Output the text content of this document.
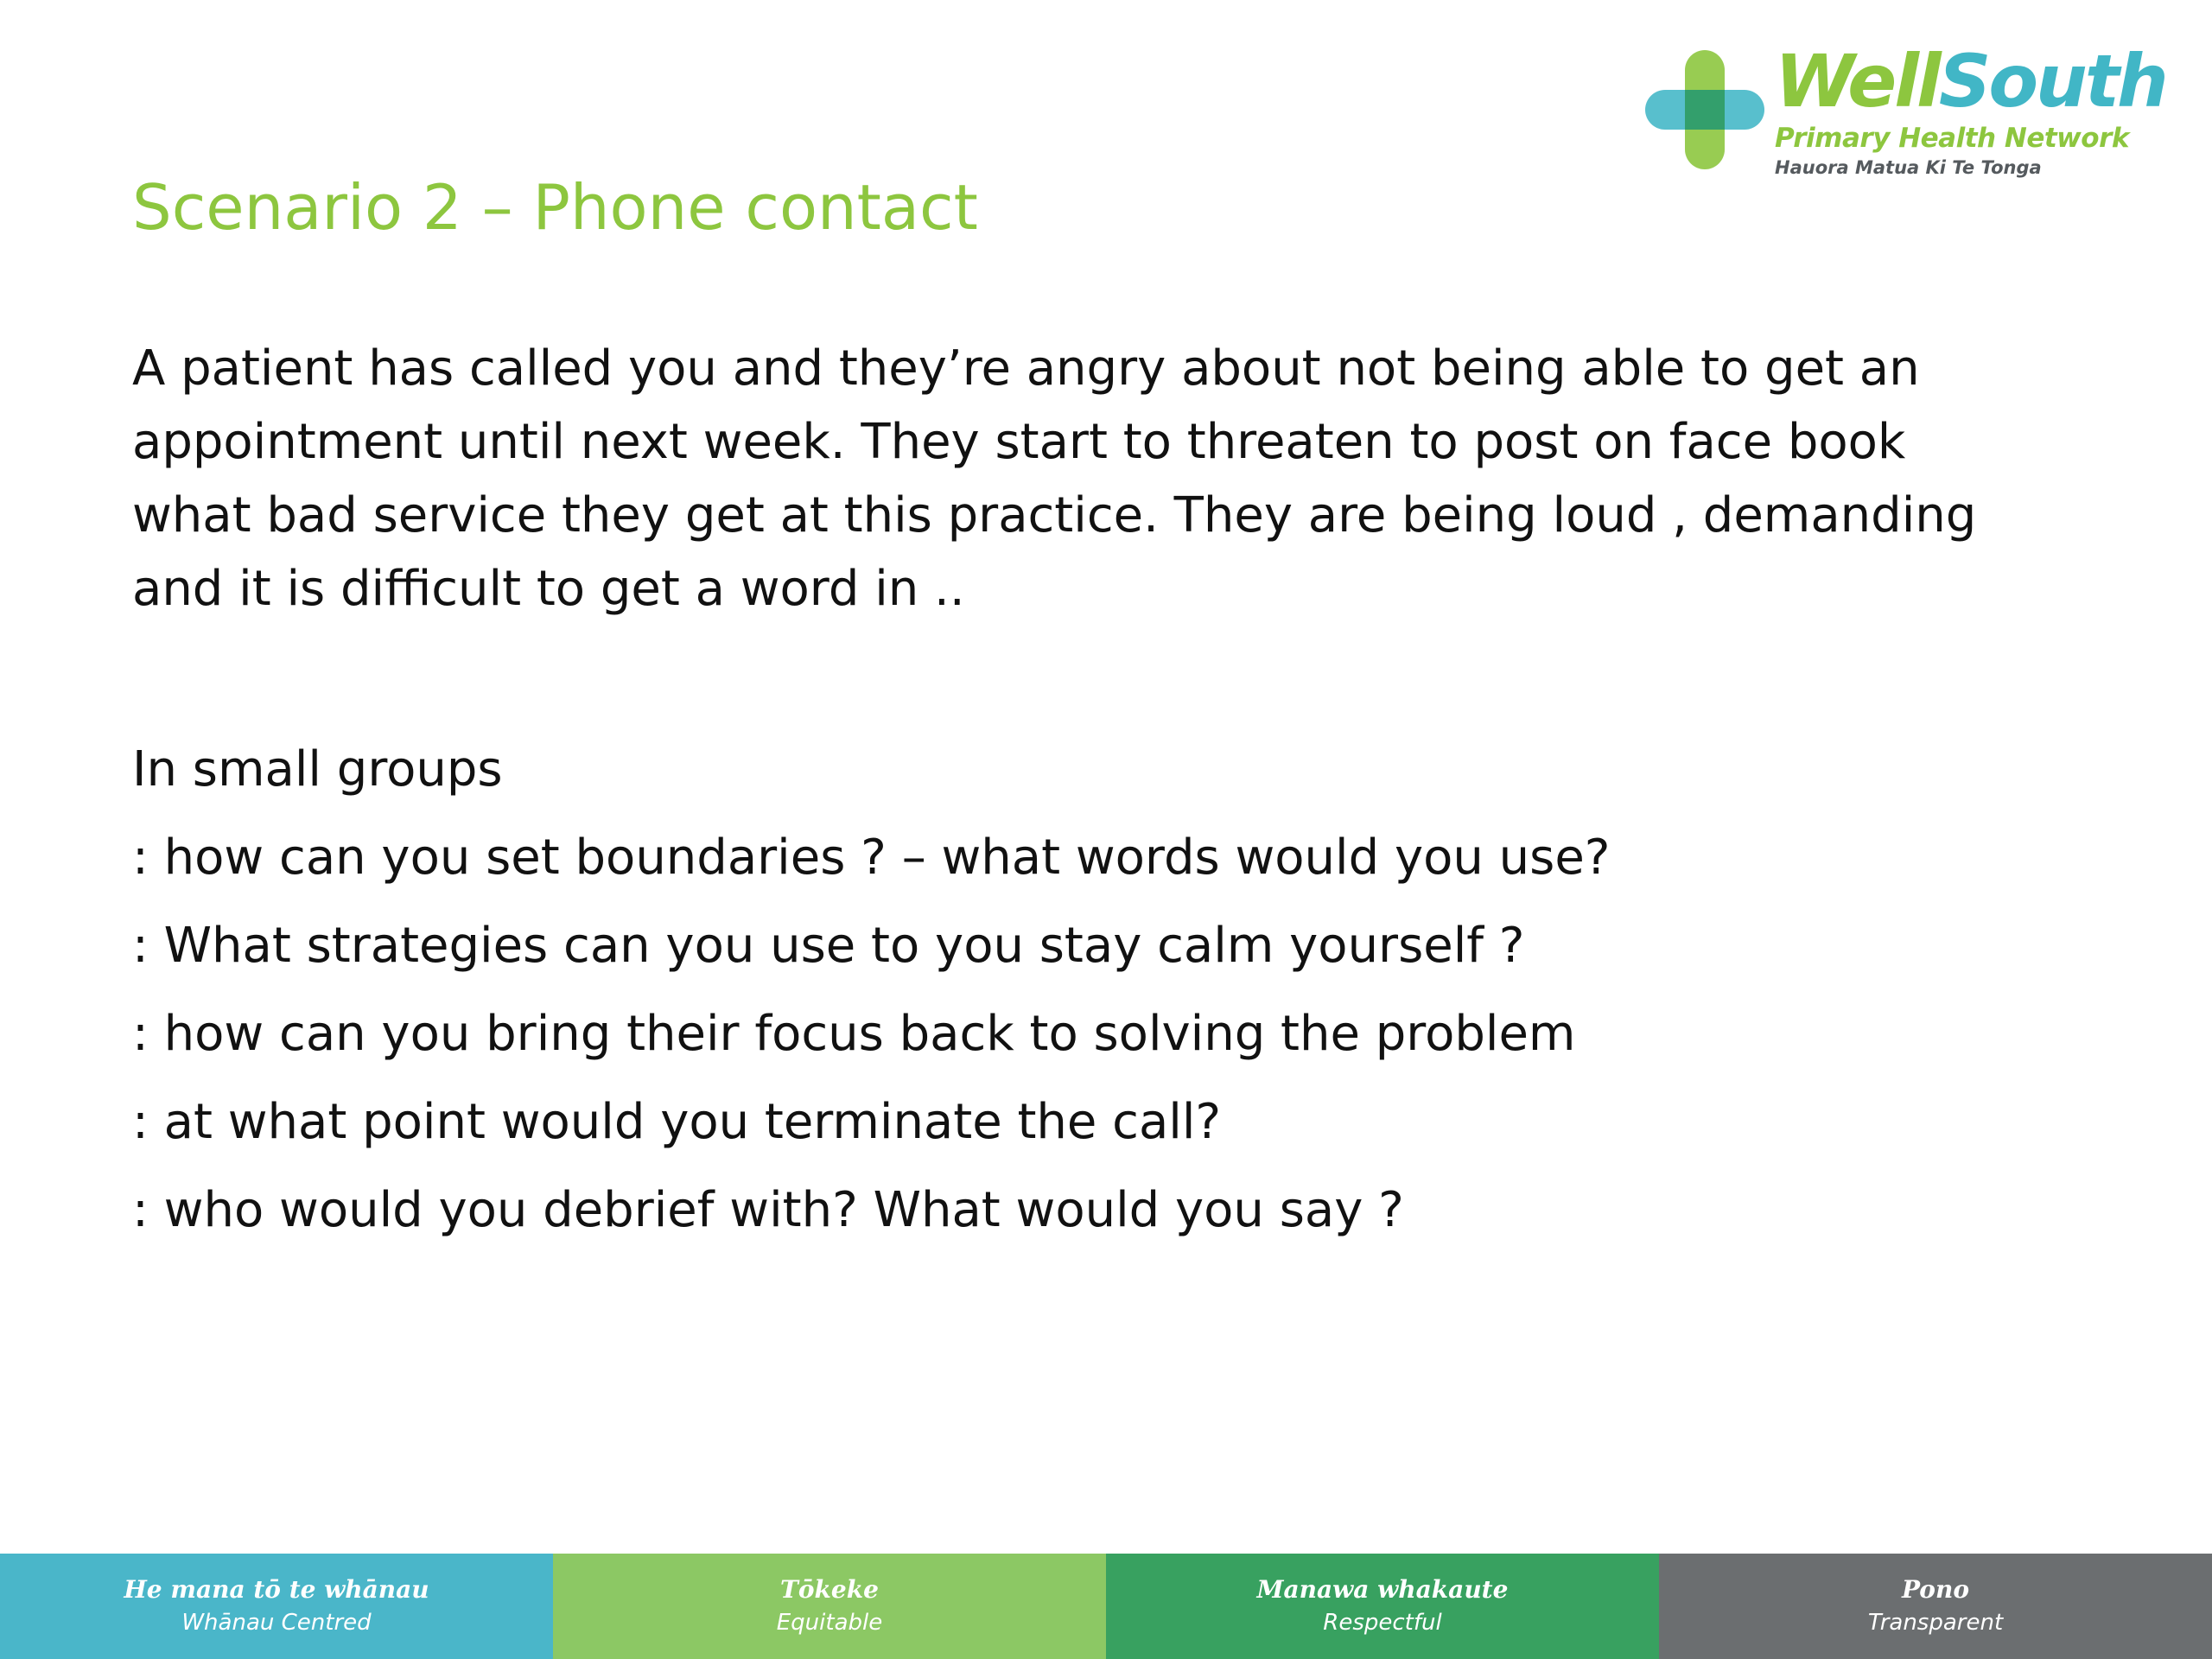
WellSouth
Primary Health Network
Hauora Matua Ki Te Tonga
Scenario 2 – Phone contact

A patient has called you and they’re angry about not being able to get an
appointment until next week. They start to threaten to post on face book
what bad service they get at this practice. They are being loud , demanding
and it is difficult to get a word in ..

In small groups
: how can you set boundaries ? – what words would you use?
: What strategies can you use to you stay calm yourself ?
: how can you bring their focus back to solving the problem
: at what point would you terminate the call?
: who would you debrief with? What would you say ?
He mana tō te whānau
Whānau Centred
Tōkeke
Equitable
Manawa whakaute
Respectful
Pono
Transparent
